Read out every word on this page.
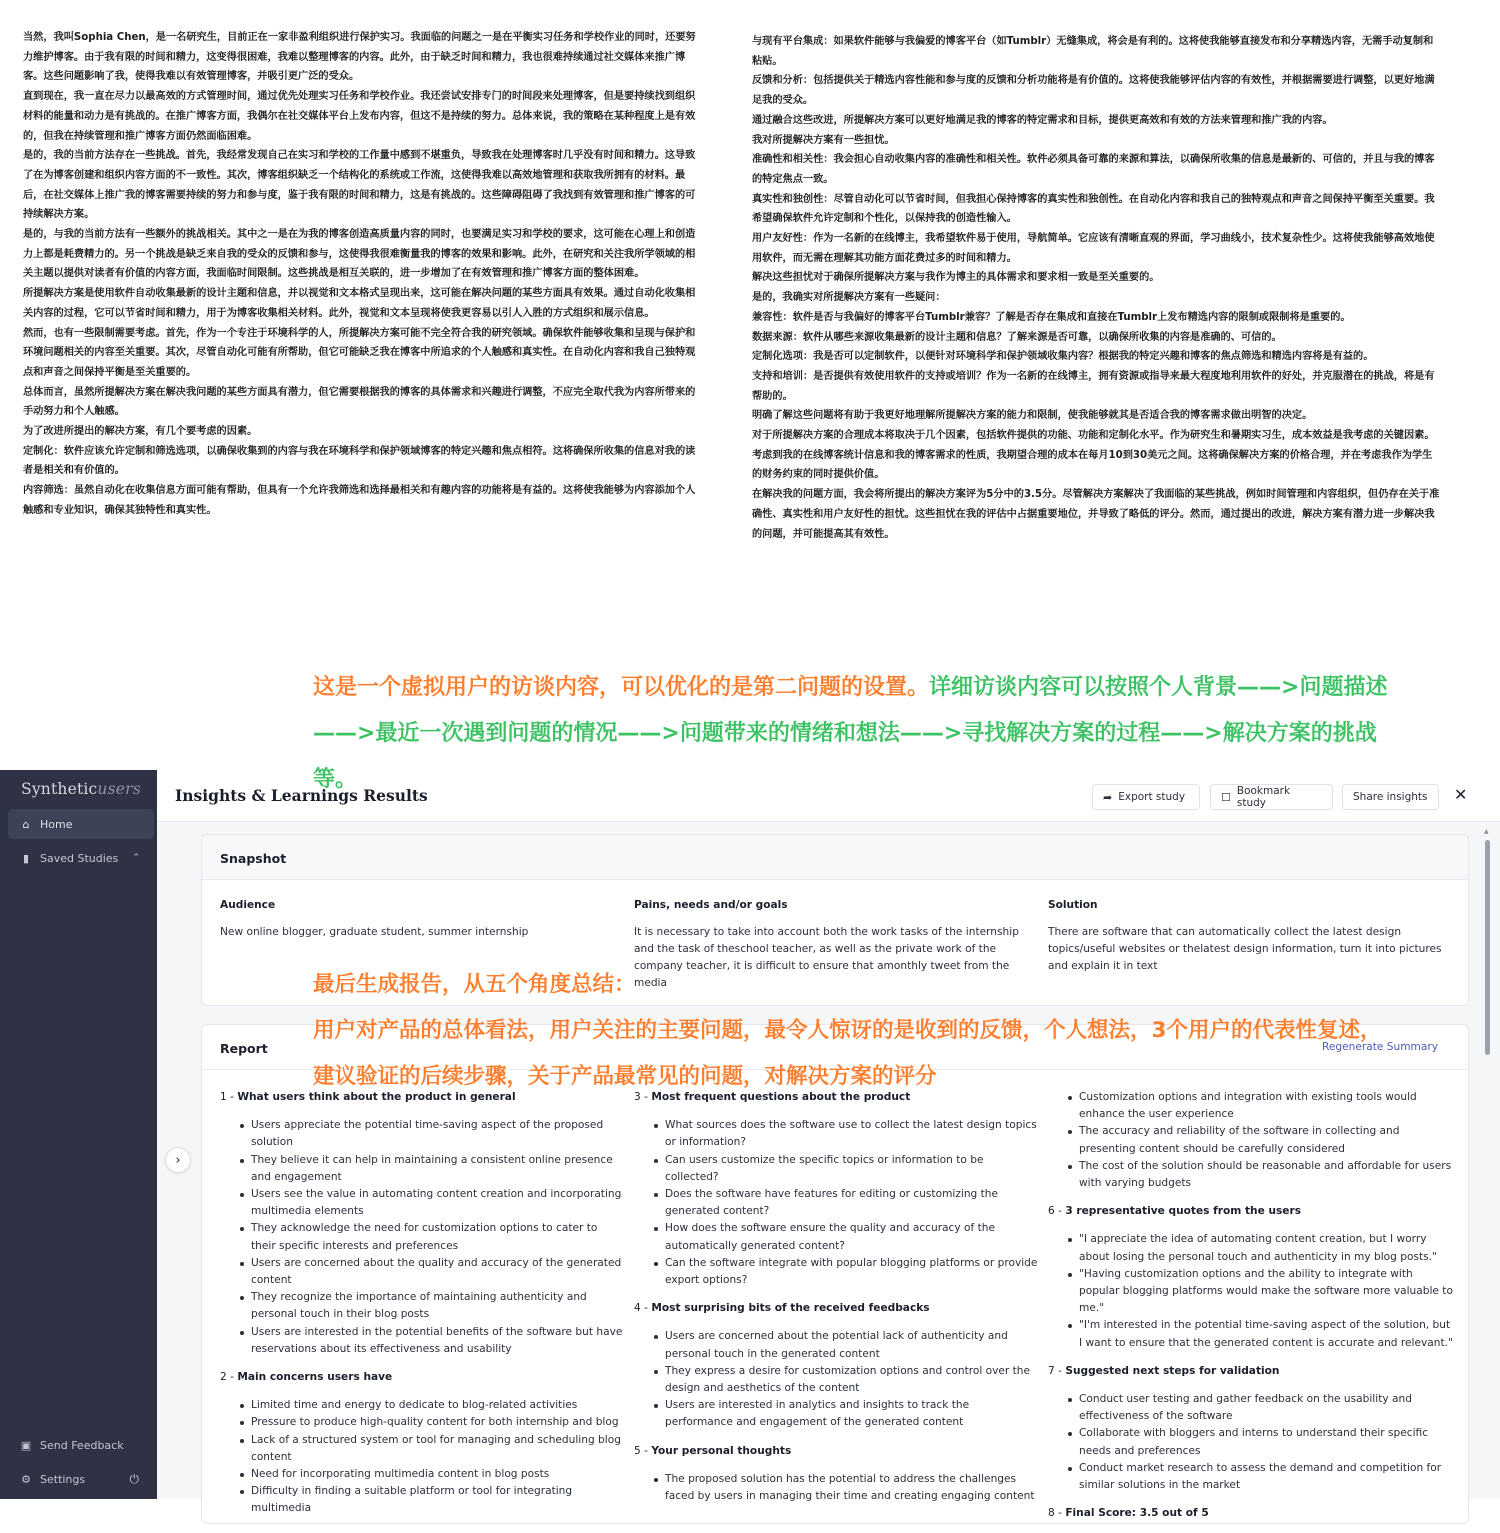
当然，我叫Sophia Chen，是一名研究生，目前正在一家非盈利组织进行保护实习。我面临的问题之一是在平衡实习任务和学校作业的同时，还要努力维护博客。由于我有限的时间和精力，这变得很困难，我难以整理博客的内容。此外，由于缺乏时间和精力，我也很难持续通过社交媒体来推广博客。这些问题影响了我，使得我难以有效管理博客，并吸引更广泛的受众。

直到现在，我一直在尽力以最高效的方式管理时间，通过优先处理实习任务和学校作业。我还尝试安排专门的时间段来处理博客，但是要持续找到组织材料的能量和动力是有挑战的。在推广博客方面，我偶尔在社交媒体平台上发布内容，但这不是持续的努力。总体来说，我的策略在某种程度上是有效的，但我在持续管理和推广博客方面仍然面临困难。

是的，我的当前方法存在一些挑战。首先，我经常发现自己在实习和学校的工作量中感到不堪重负，导致我在处理博客时几乎没有时间和精力。这导致了在为博客创建和组织内容方面的不一致性。其次，博客组织缺乏一个结构化的系统或工作流，这使得我难以高效地管理和获取我所拥有的材料。最后，在社交媒体上推广我的博客需要持续的努力和参与度，鉴于我有限的时间和精力，这是有挑战的。这些障碍阻碍了我找到有效管理和推广博客的可持续解决方案。

是的，与我的当前方法有一些额外的挑战相关。其中之一是在为我的博客创造高质量内容的同时，也要满足实习和学校的要求，这可能在心理上和创造力上都是耗费精力的。另一个挑战是缺乏来自我的受众的反馈和参与，这使得我很难衡量我的博客的效果和影响。此外，在研究和关注我所学领域的相关主题以提供对读者有价值的内容方面，我面临时间限制。这些挑战是相互关联的，进一步增加了在有效管理和推广博客方面的整体困难。

所提解决方案是使用软件自动收集最新的设计主题和信息，并以视觉和文本格式呈现出来，这可能在解决问题的某些方面具有效果。通过自动化收集相关内容的过程，它可以节省时间和精力，用于为博客收集相关材料。此外，视觉和文本呈现将使我更容易以引人入胜的方式组织和展示信息。

然而，也有一些限制需要考虑。首先，作为一个专注于环境科学的人，所提解决方案可能不完全符合我的研究领域。确保软件能够收集和呈现与保护和环境问题相关的内容至关重要。其次，尽管自动化可能有所帮助，但它可能缺乏我在博客中所追求的个人触感和真实性。在自动化内容和我自己独特观点和声音之间保持平衡是至关重要的。

总体而言，虽然所提解决方案在解决我问题的某些方面具有潜力，但它需要根据我的博客的具体需求和兴趣进行调整，不应完全取代我为内容所带来的手动努力和个人触感。

为了改进所提出的解决方案，有几个要考虑的因素。

定制化：软件应该允许定制和筛选选项，以确保收集到的内容与我在环境科学和保护领域博客的特定兴趣和焦点相符。这将确保所收集的信息对我的读者是相关和有价值的。

内容筛选：虽然自动化在收集信息方面可能有帮助，但具有一个允许我筛选和选择最相关和有趣内容的功能将是有益的。这将使我能够为内容添加个人触感和专业知识，确保其独特性和真实性。

与现有平台集成：如果软件能够与我偏爱的博客平台（如Tumblr）无缝集成，将会是有利的。这将使我能够直接发布和分享精选内容，无需手动复制和粘贴。

反馈和分析：包括提供关于精选内容性能和参与度的反馈和分析功能将是有价值的。这将使我能够评估内容的有效性，并根据需要进行调整，以更好地满足我的受众。

通过融合这些改进，所提解决方案可以更好地满足我的博客的特定需求和目标，提供更高效和有效的方法来管理和推广我的内容。

我对所提解决方案有一些担忧。

准确性和相关性：我会担心自动收集内容的准确性和相关性。软件必须具备可靠的来源和算法，以确保所收集的信息是最新的、可信的，并且与我的博客的特定焦点一致。

真实性和独创性：尽管自动化可以节省时间，但我担心保持博客的真实性和独创性。在自动化内容和我自己的独特观点和声音之间保持平衡至关重要。我希望确保软件允许定制和个性化，以保持我的创造性输入。

用户友好性：作为一名新的在线博主，我希望软件易于使用，导航简单。它应该有清晰直观的界面，学习曲线小，技术复杂性少。这将使我能够高效地使用软件，而无需在理解其功能方面花费过多的时间和精力。

解决这些担忧对于确保所提解决方案与我作为博主的具体需求和要求相一致是至关重要的。

是的，我确实对所提解决方案有一些疑问：

兼容性：软件是否与我偏好的博客平台Tumblr兼容？了解是否存在集成和直接在Tumblr上发布精选内容的限制或限制将是重要的。

数据来源：软件从哪些来源收集最新的设计主题和信息？了解来源是否可靠，以确保所收集的内容是准确的、可信的。

定制化选项：我是否可以定制软件，以便针对环境科学和保护领域收集内容？根据我的特定兴趣和博客的焦点筛选和精选内容将是有益的。

支持和培训：是否提供有效使用软件的支持或培训？作为一名新的在线博主，拥有资源或指导来最大程度地利用软件的好处，并克服潜在的挑战，将是有帮助的。

明确了解这些问题将有助于我更好地理解所提解决方案的能力和限制，使我能够就其是否适合我的博客需求做出明智的决定。

对于所提解决方案的合理成本将取决于几个因素，包括软件提供的功能、功能和定制化水平。作为研究生和暑期实习生，成本效益是我考虑的关键因素。考虑到我的在线博客统计信息和我的博客需求的性质，我期望合理的成本在每月10到30美元之间。这将确保解决方案的价格合理，并在考虑我作为学生的财务约束的同时提供价值。

在解决我的问题方面，我会将所提出的解决方案评为5分中的3.5分。尽管解决方案解决了我面临的某些挑战，例如时间管理和内容组织，但仍存在关于准确性、真实性和用户友好性的担忧。这些担忧在我的评估中占据重要地位，并导致了略低的评分。然而，通过提出的改进，解决方案有潜力进一步解决我的问题，并可能提高其有效性。

这是一个虚拟用户的访谈内容，可以优化的是第二问题的设置。详细访谈内容可以按照个人背景——>问题描述——>最近一次遇到问题的情况——>问题带来的情绪和想法——>寻找解决方案的过程——>解决方案的挑战等。
最后生成报告，从五个角度总结：
用户对产品的总体看法，用户关注的主要问题，最令人惊讶的是收到的反馈，个人想法，3个用户的代表性复述，建议验证的后续步骤，关于产品最常见的问题，对解决方案的评分
Syntheticusers
⌂ Home
▮ Saved Studies ⌃
▣ Send Feedback
⚙ Settings	⏻
Insights & Learnings Results	➦ Export study	☐ Bookmark study	Share insights ✕
›
Snapshot
Audience
New online blogger, graduate student, summer internship
Pains, needs and/or goals
It is necessary to take into account both the work tasks of the internship and the task of theschool teacher, as well as the private work of the company teacher, it is difficult to ensure that amonthly tweet from the media
Solution
There are software that can automatically collect the latest design topics/useful websites or thelatest design information, turn it into pictures and explain it in text
Report	Regenerate Summary
1 - What users think about the product in general
Users appreciate the potential time-saving aspect of the proposed solution
They believe it can help in maintaining a consistent online presence and engagement
Users see the value in automating content creation and incorporating multimedia elements
They acknowledge the need for customization options to cater to their specific interests and preferences
Users are concerned about the quality and accuracy of the generated content
They recognize the importance of maintaining authenticity and personal touch in their blog posts
Users are interested in the potential benefits of the software but have reservations about its effectiveness and usability
2 - Main concerns users have
Limited time and energy to dedicate to blog-related activities
Pressure to produce high-quality content for both internship and blog
Lack of a structured system or tool for managing and scheduling blog content
Need for incorporating multimedia content in blog posts
Difficulty in finding a suitable platform or tool for integrating multimedia
3 - Most frequent questions about the product
What sources does the software use to collect the latest design topics or information?
Can users customize the specific topics or information to be collected?
Does the software have features for editing or customizing the generated content?
How does the software ensure the quality and accuracy of the automatically generated content?
Can the software integrate with popular blogging platforms or provide export options?
4 - Most surprising bits of the received feedbacks
Users are concerned about the potential lack of authenticity and personal touch in the generated content
They express a desire for customization options and control over the design and aesthetics of the content
Users are interested in analytics and insights to track the performance and engagement of the generated content
5 - Your personal thoughts
The proposed solution has the potential to address the challenges faced by users in managing their time and creating engaging content
Customization options and integration with existing tools would enhance the user experience
The accuracy and reliability of the software in collecting and presenting content should be carefully considered
The cost of the solution should be reasonable and affordable for users with varying budgets
6 - 3 representative quotes from the users
"I appreciate the idea of automating content creation, but I worry about losing the personal touch and authenticity in my blog posts."
"Having customization options and the ability to integrate with popular blogging platforms would make the software more valuable to me."
"I'm interested in the potential time-saving aspect of the solution, but I want to ensure that the generated content is accurate and relevant."
7 - Suggested next steps for validation
Conduct user testing and gather feedback on the usability and effectiveness of the software
Collaborate with bloggers and interns to understand their specific needs and preferences
Conduct market research to assess the demand and competition for similar solutions in the market
8 - Final Score: 3.5 out of 5
▲
